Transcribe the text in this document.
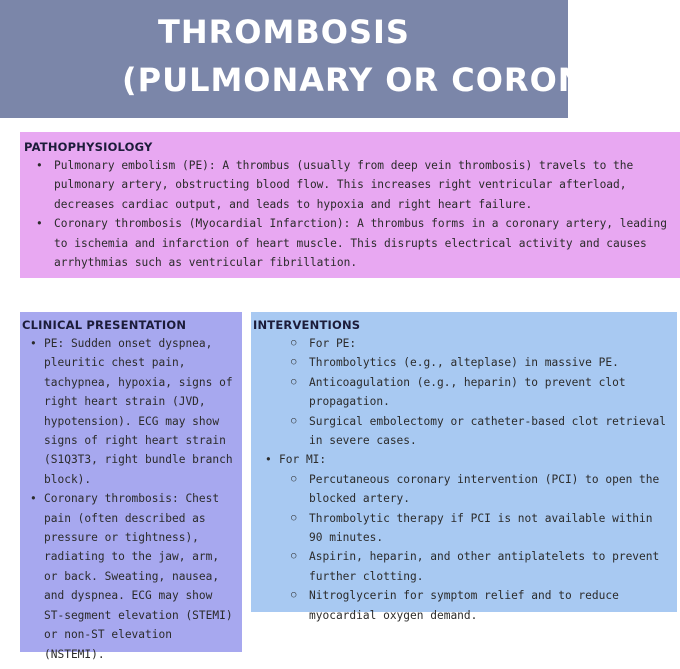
THROMBOSIS
(PULMONARY OR CORONARY
PATHOPHYSIOLOGY
• Pulmonary embolism (PE): A thrombus (usually from deep vein thrombosis) travels to the pulmonary artery, obstructing blood flow. This increases right ventricular afterload, decreases cardiac output, and leads to hypoxia and right heart failure.
• Coronary thrombosis (Myocardial Infarction): A thrombus forms in a coronary artery, leading to ischemia and infarction of heart muscle. This disrupts electrical activity and causes arrhythmias such as ventricular fibrillation.
CLINICAL PRESENTATION
• PE: Sudden onset dyspnea, pleuritic chest pain, tachypnea, hypoxia, signs of right heart strain (JVD, hypotension). ECG may show signs of right heart strain (S1Q3T3, right bundle branch block).
• Coronary thrombosis: Chest pain (often described as pressure or tightness), radiating to the jaw, arm, or back. Sweating, nausea, and dyspnea. ECG may show ST-segment elevation (STEMI) or non-ST elevation (NSTEMI).
INTERVENTIONS
○ For PE:
○ Thrombolytics (e.g., alteplase) in massive PE.
○ Anticoagulation (e.g., heparin) to prevent clot propagation.
○ Surgical embolectomy or catheter-based clot retrieval in severe cases.
• For MI:
○ Percutaneous coronary intervention (PCI) to open the blocked artery.
○ Thrombolytic therapy if PCI is not available within 90 minutes.
○ Aspirin, heparin, and other antiplatelets to prevent further clotting.
○ Nitroglycerin for symptom relief and to reduce myocardial oxygen demand.
